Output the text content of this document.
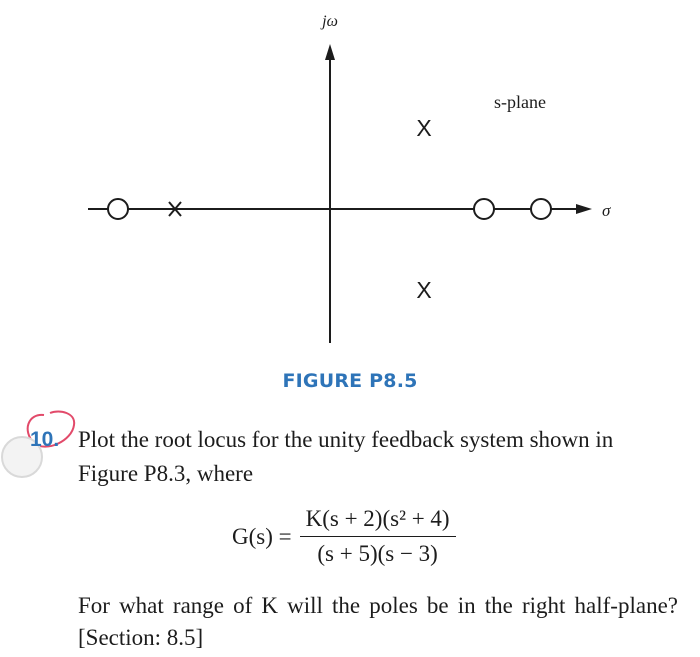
X
X
jω
σ
s-plane
FIGURE P8.5
10. Plot the root locus for the unity feedback system shown in Figure P8.3, where
$G(s) = \frac{\text{K(s + 2)(s² + 4)}}{(s + 5)(s - 3)}$
For what range of K will the poles be in the right half-plane? [Section: 8.5]
